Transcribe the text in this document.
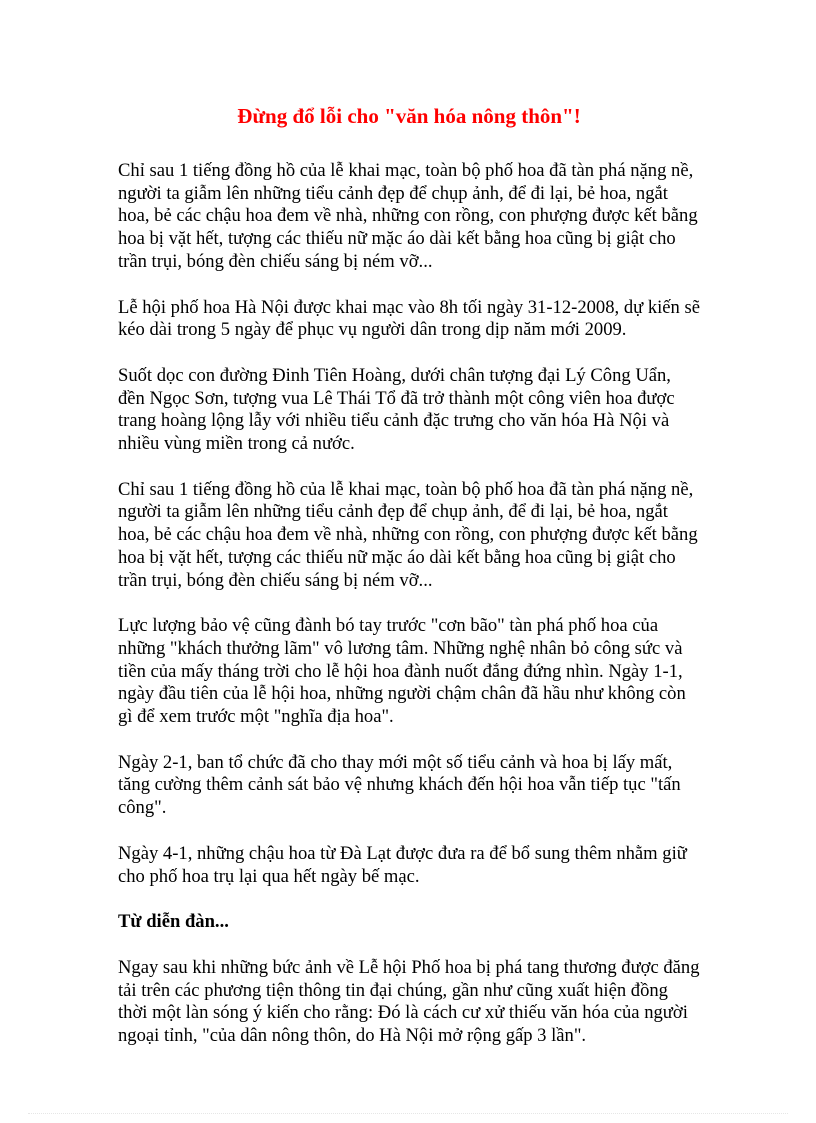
Đừng đổ lỗi cho "văn hóa nông thôn"!

Chỉ sau 1 tiếng đồng hồ của lễ khai mạc, toàn bộ phố hoa đã tàn phá nặng nề, người ta giẫm lên những tiểu cảnh đẹp để chụp ảnh, để đi lại, bẻ hoa, ngắt hoa, bẻ các chậu hoa đem về nhà, những con rồng, con phượng được kết bằng hoa bị vặt hết, tượng các thiếu nữ mặc áo dài kết bằng hoa cũng bị giật cho trần trụi, bóng đèn chiếu sáng bị ném vỡ...

Lễ hội phố hoa Hà Nội được khai mạc vào 8h tối ngày 31-12-2008, dự kiến sẽ kéo dài trong 5 ngày để phục vụ người dân trong dịp năm mới 2009.

Suốt dọc con đường Đinh Tiên Hoàng, dưới chân tượng đại Lý Công Uẩn, đền Ngọc Sơn, tượng vua Lê Thái Tổ đã trở thành một công viên hoa được trang hoàng lộng lẫy với nhiều tiểu cảnh đặc trưng cho văn hóa Hà Nội và nhiều vùng miền trong cả nước.

Chỉ sau 1 tiếng đồng hồ của lễ khai mạc, toàn bộ phố hoa đã tàn phá nặng nề, người ta giẫm lên những tiểu cảnh đẹp để chụp ảnh, để đi lại, bẻ hoa, ngắt hoa, bẻ các chậu hoa đem về nhà, những con rồng, con phượng được kết bằng hoa bị vặt hết, tượng các thiếu nữ mặc áo dài kết bằng hoa cũng bị giật cho trần trụi, bóng đèn chiếu sáng bị ném vỡ...

Lực lượng bảo vệ cũng đành bó tay trước "cơn bão" tàn phá phố hoa của những "khách thưởng lãm" vô lương tâm. Những nghệ nhân bỏ công sức và tiền của mấy tháng trời cho lễ hội hoa đành nuốt đắng đứng nhìn. Ngày 1-1, ngày đầu tiên của lễ hội hoa, những người chậm chân đã hầu như không còn gì để xem trước một "nghĩa địa hoa".

Ngày 2-1, ban tổ chức đã cho thay mới một số tiểu cảnh và hoa bị lấy mất, tăng cường thêm cảnh sát bảo vệ nhưng khách đến hội hoa vẫn tiếp tục "tấn công".

Ngày 4-1, những chậu hoa từ Đà Lạt được đưa ra để bổ sung thêm nhằm giữ cho phố hoa trụ lại qua hết ngày bế mạc.

Từ diễn đàn...

Ngay sau khi những bức ảnh về Lễ hội Phố hoa bị phá tang thương được đăng tải trên các phương tiện thông tin đại chúng, gần như cũng xuất hiện đồng thời một làn sóng ý kiến cho rằng: Đó là cách cư xử thiếu văn hóa của người ngoại tỉnh, "của dân nông thôn, do Hà Nội mở rộng gấp 3 lần".
